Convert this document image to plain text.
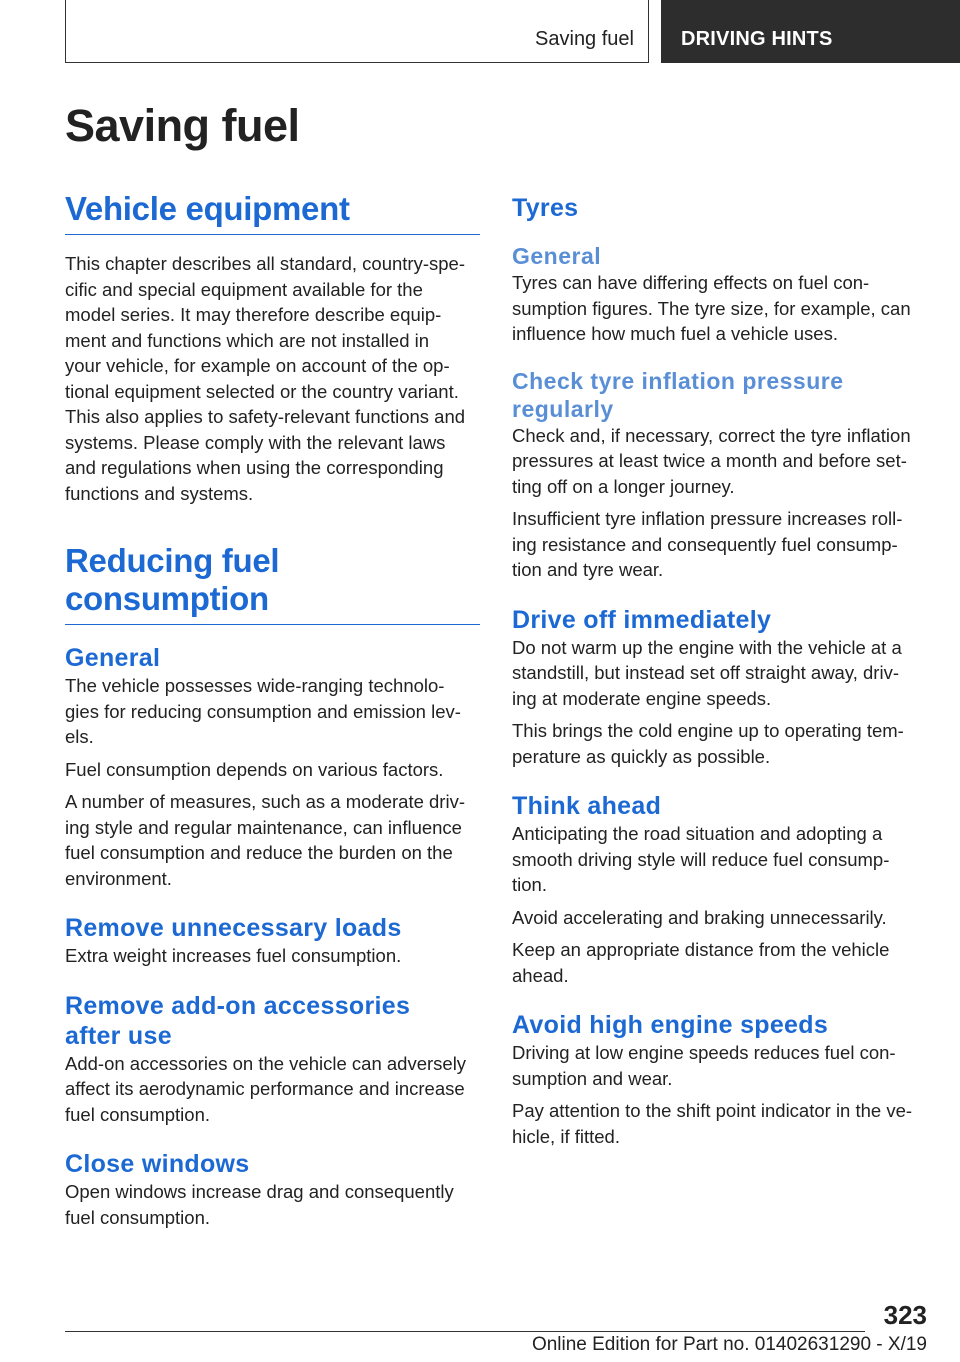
Saving fuel DRIVING HINTS
Saving fuel
Vehicle equipment

This chapter describes all standard, country-spe-
cific and special equipment available for the
model series. It may therefore describe equip-
ment and functions which are not installed in
your vehicle, for example on account of the op-
tional equipment selected or the country variant.
This also applies to safety-relevant functions and
systems. Please comply with the relevant laws
and regulations when using the corresponding
functions and systems.

Reducing fuel consumption
General

The vehicle possesses wide-ranging technolo-
gies for reducing consumption and emission lev-
els.

Fuel consumption depends on various factors.

A number of measures, such as a moderate driv-
ing style and regular maintenance, can influence
fuel consumption and reduce the burden on the
environment.

Remove unnecessary loads

Extra weight increases fuel consumption.

Remove add-on accessories
after use

Add-on accessories on the vehicle can adversely
affect its aerodynamic performance and increase
fuel consumption.

Close windows

Open windows increase drag and consequently
fuel consumption.

Tyres
General

Tyres can have differing effects on fuel con-
sumption figures. The tyre size, for example, can
influence how much fuel a vehicle uses.

Check tyre inflation pressure
regularly

Check and, if necessary, correct the tyre inflation
pressures at least twice a month and before set-
ting off on a longer journey.

Insufficient tyre inflation pressure increases roll-
ing resistance and consequently fuel consump-
tion and tyre wear.

Drive off immediately

Do not warm up the engine with the vehicle at a
standstill, but instead set off straight away, driv-
ing at moderate engine speeds.

This brings the cold engine up to operating tem-
perature as quickly as possible.

Think ahead

Anticipating the road situation and adopting a
smooth driving style will reduce fuel consump-
tion.

Avoid accelerating and braking unnecessarily.

Keep an appropriate distance from the vehicle
ahead.

Avoid high engine speeds

Driving at low engine speeds reduces fuel con-
sumption and wear.

Pay attention to the shift point indicator in the ve-
hicle, if fitted.

323
Online Edition for Part no. 01402631290 - X/19
